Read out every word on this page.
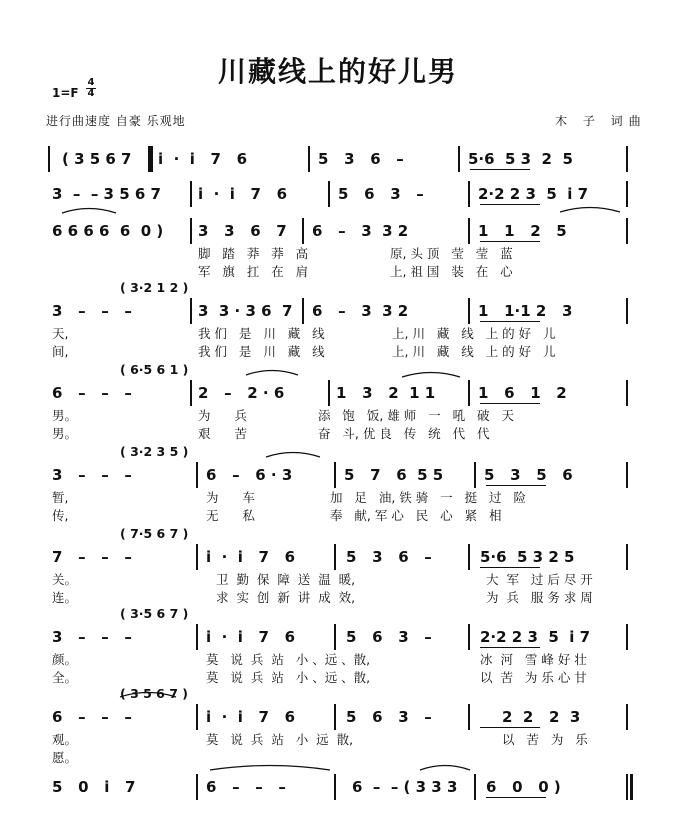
川藏线上的好儿男
1=F
4
4
进行曲速度 自豪 乐观地	木 子 词曲
( 3 5 6 7 i  ·  i   7   6	5   3   6   –	5·6  5 3  2  5
3  –  – 3 5 6 7 i  ·  i   7   6	5   6   3   –	2·2 2 3  5  i 7
6 6 6 6  6  0 ) 3   3   6   7 6   –   3  3 2	1   1   2   5
脚   踏   莽   莽   高	原, 头 顶   莹   莹   蓝
军   旗   扛   在   肩	上, 祖 国   装   在   心
( 3·2 1 2 )
3   –   –   –	3  3 · 3 6  7 6   –   3  3 2	1   1·1 2   3
天,	我 们   是   川   藏   线	上, 川   藏   线   上 的 好   儿
间,	我 们   是   川   藏   线	上, 川   藏   线   上 的 好   儿
( 6·5 6 1 )
6   –   –   –	2   –   2 · 6	1   3   2  1 1	1   6   1   2
男。	为      兵	添   饱   饭, 雄 师   一   吼   破   天
男。	艰      苦	奋   斗, 优 良   传   统   代   代
( 3·2 3 5 )
3   –   –   –	6   –   6 · 3	5   7   6  5 5	5   3   5   6
暂,	为      车	加   足   油, 铁 骑   一   挺   过   险
传,	无      私	奉   献, 军 心   民   心   紧   相
( 7·5 6 7 )
7   –   –   –	i  ·  i   7   6	5   3   6   –	5·6  5 3 2 5
关。	卫  勤  保  障  送  温  暖,	大  军   过 后 尽 开
连。	求  实  创  新  讲  成  效,	为  兵   服 务 求 周
( 3·5 6 7 )
3   –   –   –	i  ·  i   7   6	5   6   3   –	2·2 2 3  5  i 7
颜。	莫   说  兵  站   小 、远 、散,	冰  河   雪 峰 好 壮
全。	莫   说  兵  站   小 、远 、散,	以  苦   为 乐 心 甘
( 3 5 6 7 )
6   –   –   –	i  ·  i   7   6	5   6   3   –	2  2   2  3
观。	莫   说  兵  站   小  远  散,	以   苦   为   乐
愿。
5   0   i   7	6   –   –   –	6  –  – ( 3 3 3 6   0   0 )
